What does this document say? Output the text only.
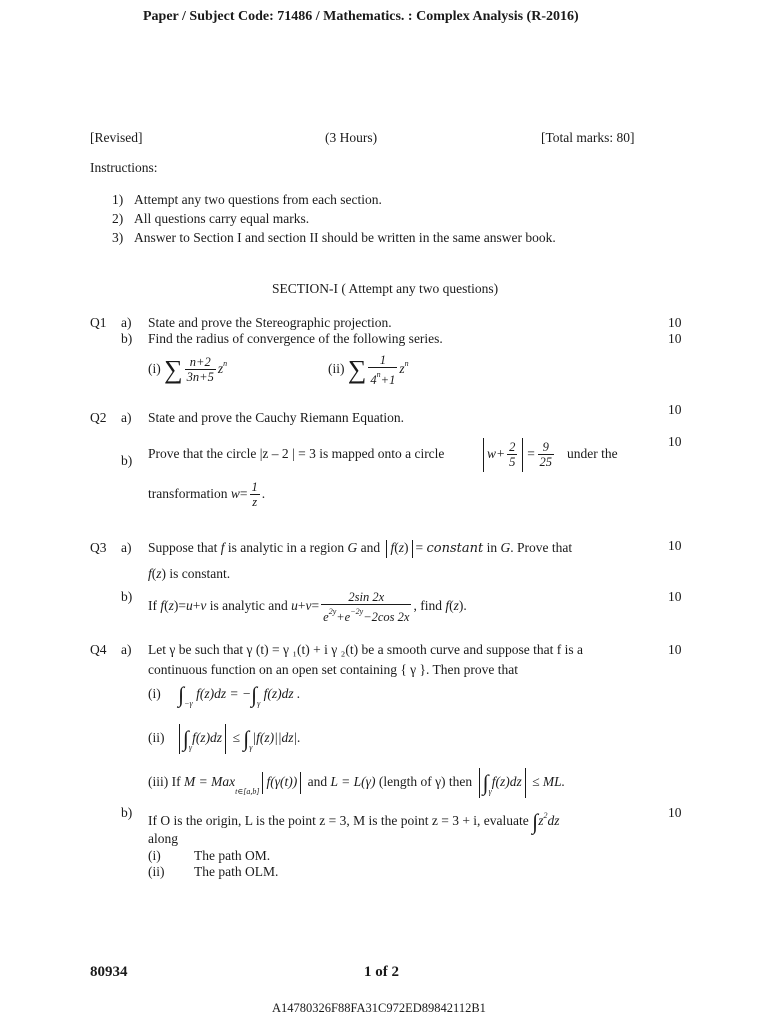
Paper / Subject Code: 71486 / Mathematics. : Complex Analysis (R-2016)
[Revised]	(3 Hours)	[Total marks: 80]
Instructions:
1) Attempt any two questions from each section.
2) All questions carry equal marks.
3) Answer to Section I and section II should be written in the same answer book.
SECTION-I ( Attempt any two questions)
Q1 a) State and prove the Stereographic projection.	10
b) Find the radius of convergence of the following series.	10
(i) ∑ $\frac{n+2}{3n+5} z^n$	(ii) ∑ $\frac{1}{4^n+1} z^n$
Q2 a) State and prove the Cauchy Riemann Equation.
10
b) Prove that the circle |z – 2 | = 3 is mapped onto a circle	$w+ \frac{2}{5} = \frac{9}{25}$ under the
10
transformation $w= \frac{1}{z}$ .
Q3 a) Suppose that f is analytic in a region G and f(z) = constant in G. Prove that	10
f(z) is constant.
b)
If f(z)=u+v is analytic and $u+v= \frac{2\sin 2x}{e^{2y}+e^{-2y}-2\cos 2x}$ , find f(z).
10
Q4 a) Let γ be such that γ (t) = γ ₁(t) + i γ ₂(t) be a smooth curve and suppose that f is a	10
continuous function on an open set containing { γ }. Then prove that
(i) $\int_{-\gamma}$ $f(z)dz = -\int_\gamma$ f(z)dz .
(ii) $\int_\gamma f(z)dz \le \int_\gamma|f(z)||dz|$.
(iii) If M = Max$_{t\in[a,b]}$f(γ(t)) and L = L(γ) (length of γ) then $\int_\gamma f(z)dz$ ≤ ML.
b)
If O is the origin, L is the point z = 3, M is the point z = 3 + i, evaluate $\int z^2dz$
10
along
(i) The path OM.
(ii) The path OLM.
80934	1 of 2
A14780326F88FA31C972ED89842112B1
